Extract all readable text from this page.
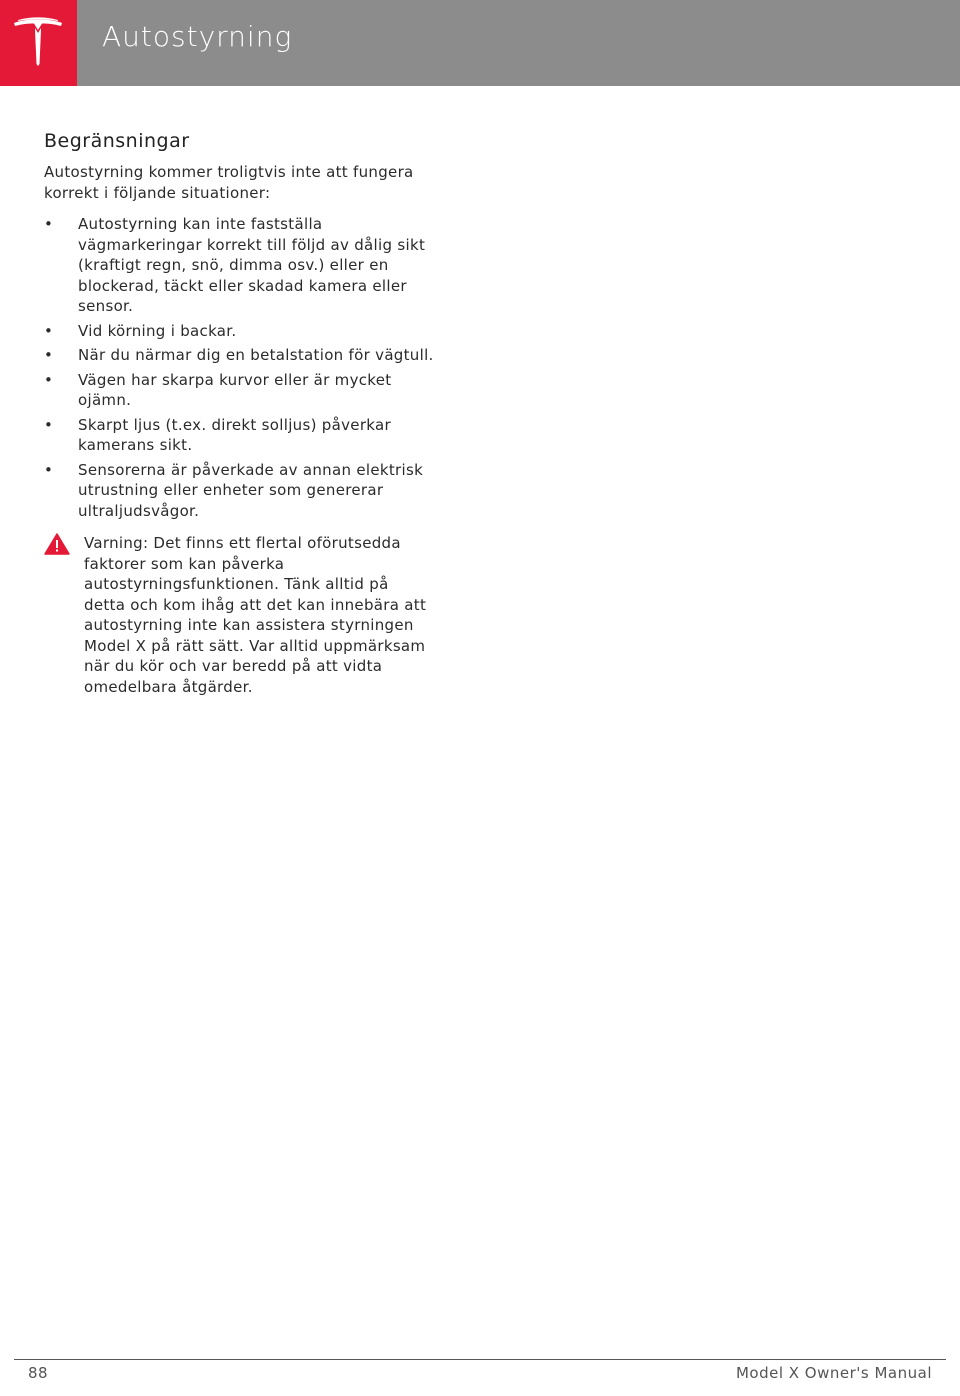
Autostyrning
Begränsningar

Autostyrning kommer troligtvis inte att fungera korrekt i följande situationer:

• Autostyrning kan inte fastställa vägmarkeringar korrekt till följd av dålig sikt (kraftigt regn, snö, dimma osv.) eller en blockerad, täckt eller skadad kamera eller sensor.
• Vid körning i backar.
• När du närmar dig en betalstation för vägtull.
• Vägen har skarpa kurvor eller är mycket ojämn.
• Skarpt ljus (t.ex. direkt solljus) påverkar kamerans sikt.
• Sensorerna är påverkade av annan elektrisk utrustning eller enheter som genererar ultraljudsvågor.
Varning: Det finns ett flertal oförutsedda faktorer som kan påverka autostyrningsfunktionen. Tänk alltid på detta och kom ihåg att det kan innebära att autostyrning inte kan assistera styrningen Model X på rätt sätt. Var alltid uppmärksam när du kör och var beredd på att vidta omedelbara åtgärder.
88	Model X Owner's Manual
